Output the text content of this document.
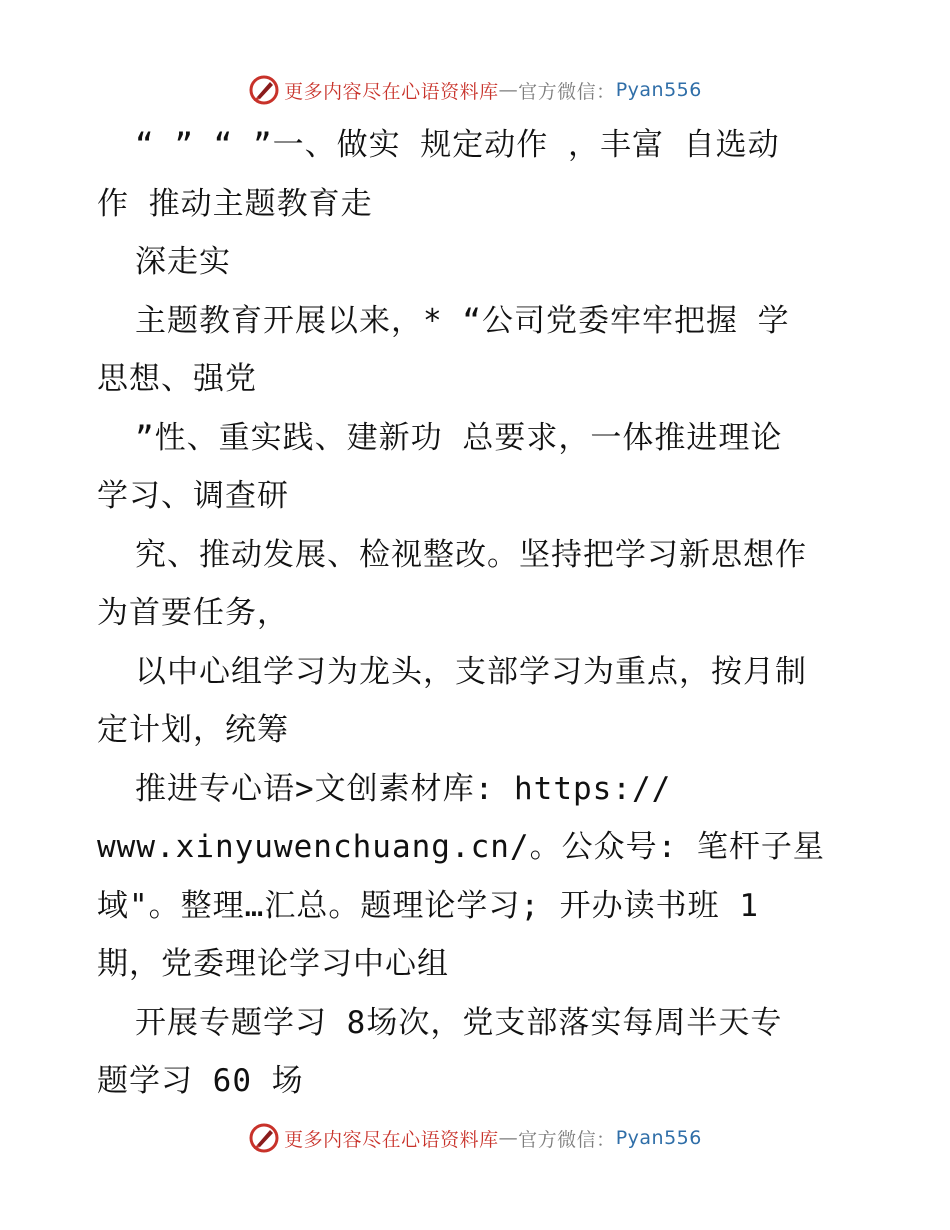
更多内容尽在心语资料库 — 官方微信： Pyan556
“ ” “ ”一、做实 规定动作 ，丰富 自选动
作 推动主题教育走
深走实
主题教育开展以来，* “公司党委牢牢把握 学
思想、强党
”性、重实践、建新功 总要求，一体推进理论
学习、调查研
究、推动发展、检视整改。坚持把学习新思想作
为首要任务，
以中心组学习为龙头，支部学习为重点，按月制
定计划，统筹
推进专心语>文创素材库: https://
www.xinyuwenchuang.cn/。公众号: 笔杆子星
域"。整理…汇总。题理论学习; 开办读书班 1
期，党委理论学习中心组
开展专题学习 8场次，党支部落实每周半天专
题学习 60 场
更多内容尽在心语资料库 — 官方微信： Pyan556
